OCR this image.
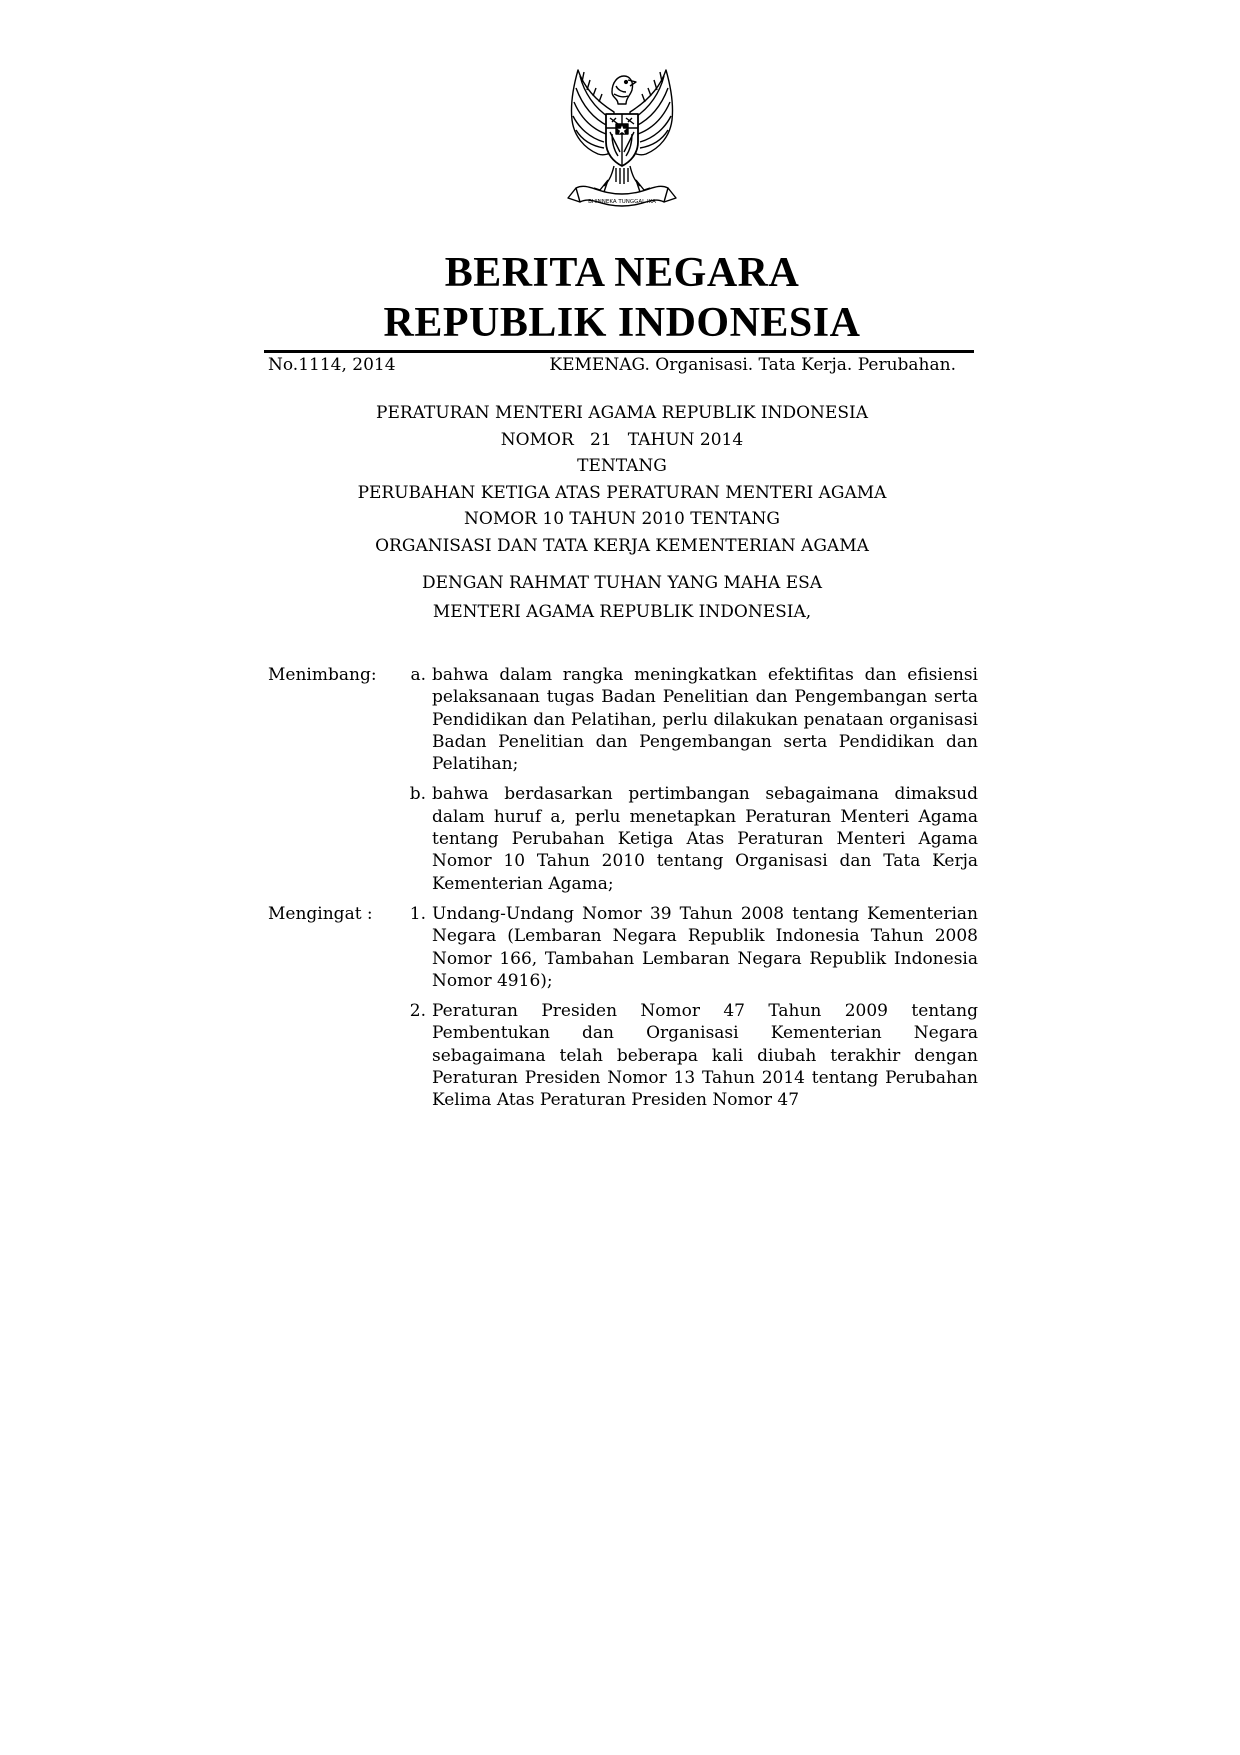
BHINNEKA TUNGGAL IKA
BERITA NEGARA
REPUBLIK INDONESIA
No.1114, 2014	KEMENAG. Organisasi. Tata Kerja. Perubahan.
PERATURAN MENTERI AGAMA REPUBLIK INDONESIA
NOMOR   21   TAHUN 2014
TENTANG
PERUBAHAN KETIGA ATAS PERATURAN MENTERI AGAMA
NOMOR 10 TAHUN 2010 TENTANG
ORGANISASI DAN TATA KERJA KEMENTERIAN AGAMA
DENGAN RAHMAT TUHAN YANG MAHA ESA
MENTERI AGAMA REPUBLIK INDONESIA,
Menimbang:	a. bahwa dalam rangka meningkatkan efektifitas dan efisiensi pelaksanaan tugas Badan Penelitian dan Pengembangan serta Pendidikan dan Pelatihan, perlu dilakukan penataan organisasi Badan Penelitian dan Pengembangan serta Pendidikan dan Pelatihan;
b. bahwa berdasarkan pertimbangan sebagaimana dimaksud dalam huruf a, perlu menetapkan Peraturan Menteri Agama tentang Perubahan Ketiga Atas Peraturan Menteri Agama Nomor 10 Tahun 2010 tentang Organisasi dan Tata Kerja Kementerian Agama;
Mengingat :	1. Undang-Undang Nomor 39 Tahun 2008 tentang Kementerian Negara (Lembaran Negara Republik Indonesia Tahun 2008 Nomor 166, Tambahan Lembaran Negara Republik Indonesia Nomor 4916);
2. Peraturan Presiden Nomor 47 Tahun 2009 tentang Pembentukan dan Organisasi Kementerian Negara sebagaimana telah beberapa kali diubah terakhir dengan Peraturan Presiden Nomor 13 Tahun 2014 tentang Perubahan Kelima Atas Peraturan Presiden Nomor 47
